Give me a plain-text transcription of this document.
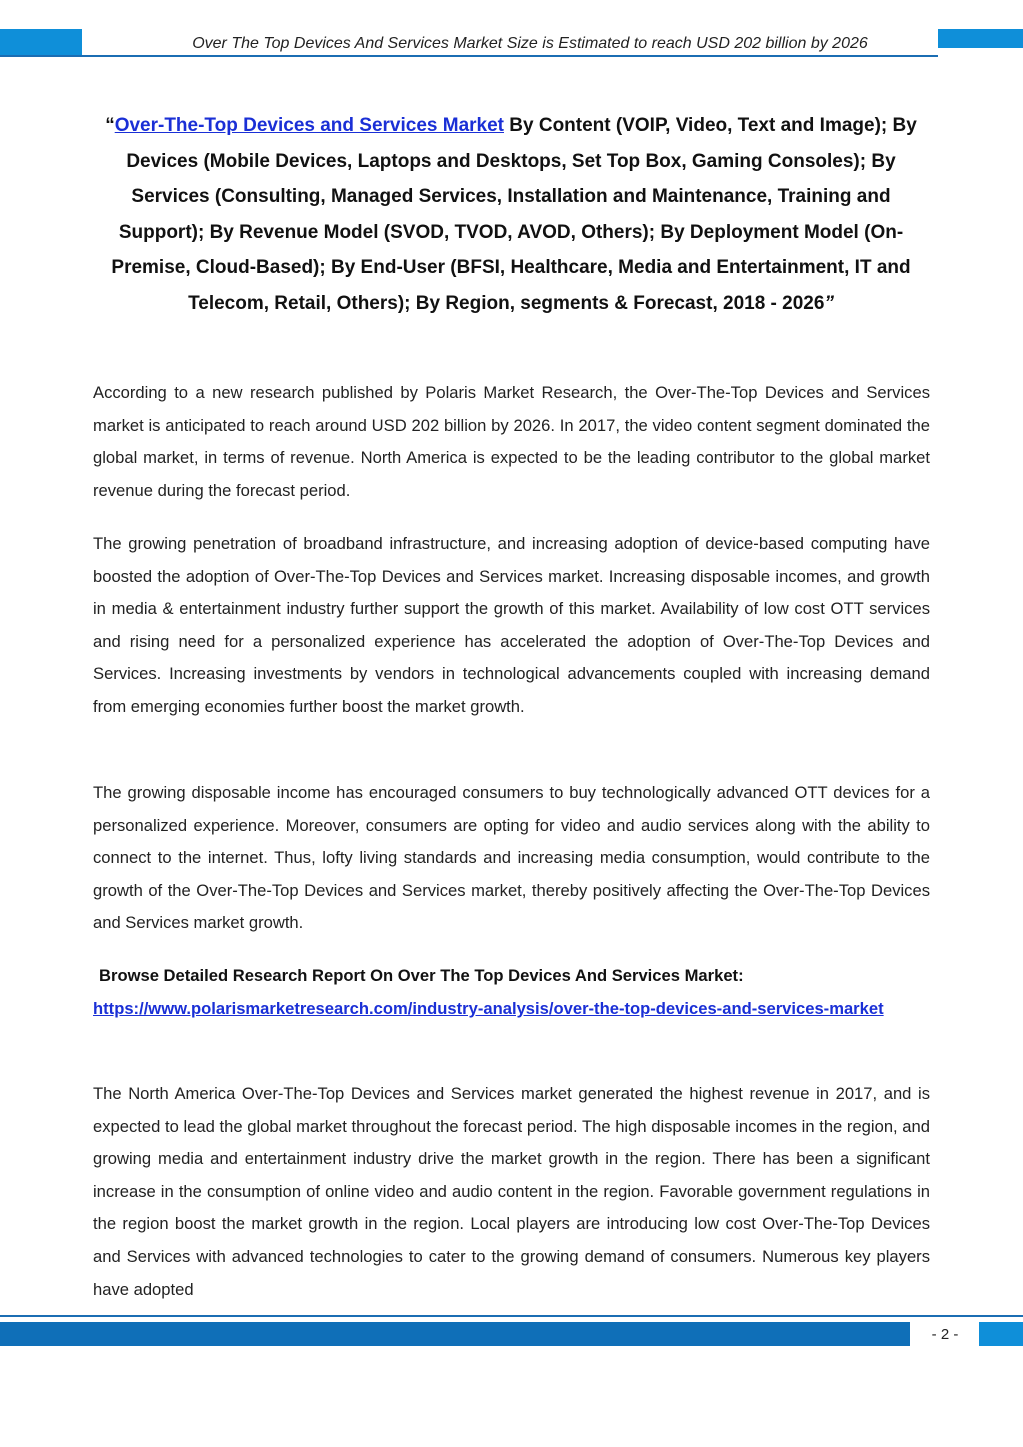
Over The Top Devices And Services Market Size is Estimated to reach USD 202 billion by 2026
“Over-The-Top Devices and Services Market By Content (VOIP, Video, Text and Image); By Devices (Mobile Devices, Laptops and Desktops, Set Top Box, Gaming Consoles); By Services (Consulting, Managed Services, Installation and Maintenance, Training and Support); By Revenue Model (SVOD, TVOD, AVOD, Others); By Deployment Model (On-Premise, Cloud-Based); By End-User (BFSI, Healthcare, Media and Entertainment, IT and Telecom, Retail, Others); By Region, segments & Forecast, 2018 - 2026”

According to a new research published by Polaris Market Research, the Over-The-Top Devices and Services market is anticipated to reach around USD 202 billion by 2026. In 2017, the video content segment dominated the global market, in terms of revenue. North America is expected to be the leading contributor to the global market revenue during the forecast period.

The growing penetration of broadband infrastructure, and increasing adoption of device-based computing have boosted the adoption of Over-The-Top Devices and Services market. Increasing disposable incomes, and growth in media & entertainment industry further support the growth of this market. Availability of low cost OTT services and rising need for a personalized experience has accelerated the adoption of Over-The-Top Devices and Services. Increasing investments by vendors in technological advancements coupled with increasing demand from emerging economies further boost the market growth.

The growing disposable income has encouraged consumers to buy technologically advanced OTT devices for a personalized experience. Moreover, consumers are opting for video and audio services along with the ability to connect to the internet. Thus, lofty living standards and increasing media consumption, would contribute to the growth of the Over-The-Top Devices and Services market, thereby positively affecting the Over-The-Top Devices and Services market growth.

Browse Detailed Research Report On Over The Top Devices And Services Market:
https://www.polarismarketresearch.com/industry-analysis/over-the-top-devices-and-services-market

The North America Over-The-Top Devices and Services market generated the highest revenue in 2017, and is expected to lead the global market throughout the forecast period. The high disposable incomes in the region, and growing media and entertainment industry drive the market growth in the region. There has been a significant increase in the consumption of online video and audio content in the region. Favorable government regulations in the region boost the market growth in the region. Local players are introducing low cost Over-The-Top Devices and Services with advanced technologies to cater to the growing demand of consumers. Numerous key players have adopted

- 2 -
